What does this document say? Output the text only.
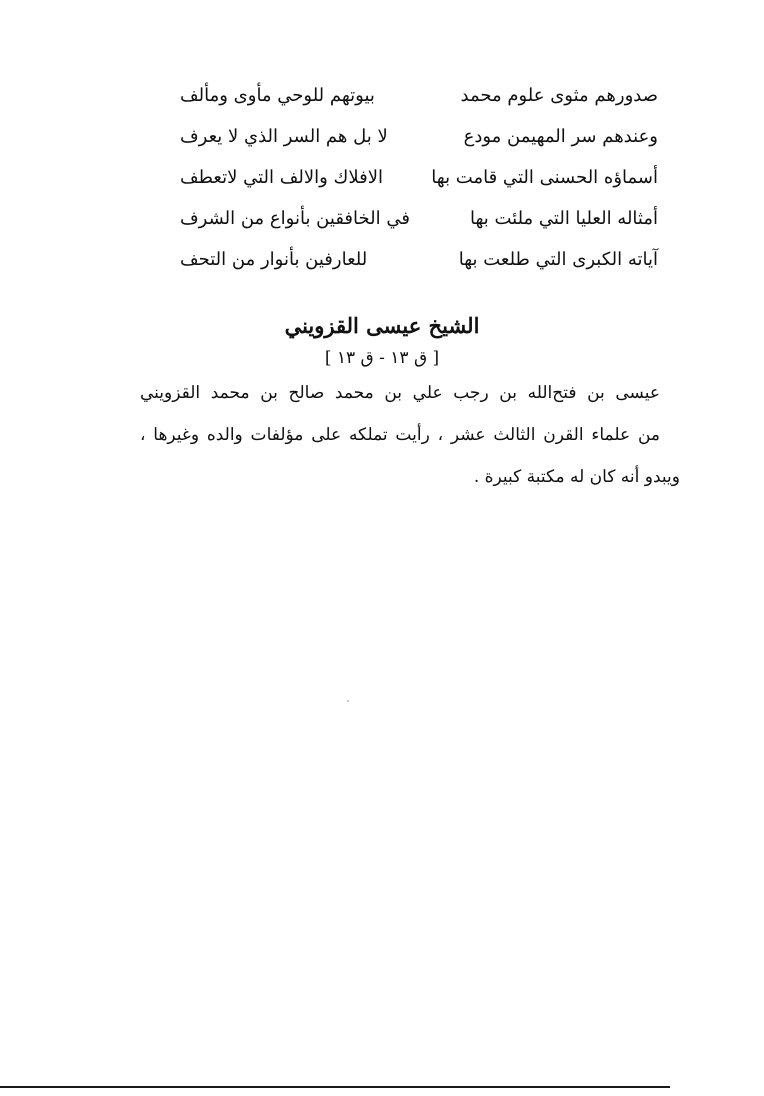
صدورهم مثوى علوم محمد
بيوتهم للوحي مأوى ومألف
وعندهم سر المهيمن مودع
لا بل هم السر الذي لا يعرف
أسماؤه الحسنى التي قامت بها
الافلاك والالف التي لاتعطف
أمثاله العليا التي ملئت بها
في الخافقين بأنواع من الشرف
آياته الكبرى التي طلعت بها
للعارفين بأنوار من التحف
الشيخ عيسى القزويني
[ ق ١٣ - ق ١٣ ]
عيسى بن فتح‌الله بن رجب علي بن محمد صالح بن محمد القزويني
من علماء القرن الثالث عشر ، رأيت تملكه على مؤلفات والده وغيرها ،
ويبدو أنه كان له مكتبة كبيرة .
